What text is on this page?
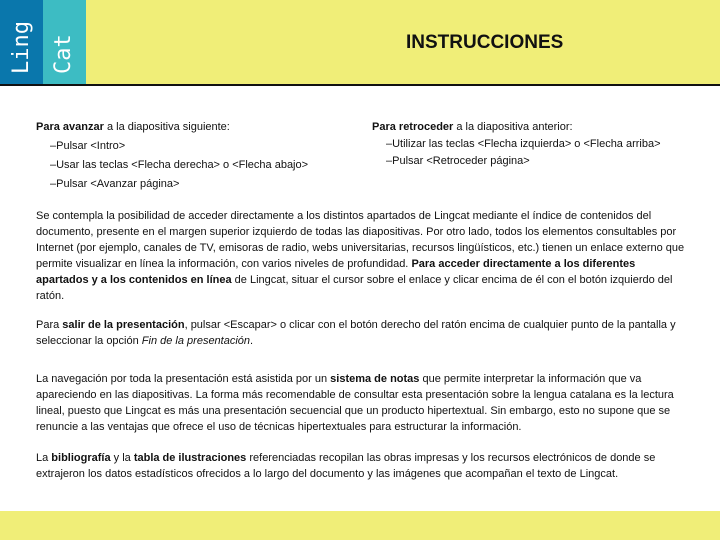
Ling Cat	INSTRUCCIONES
Para avanzar a la diapositiva siguiente:
–Pulsar <Intro>
–Usar las teclas <Flecha derecha> o <Flecha abajo>
–Pulsar <Avanzar página>
Para retroceder a la diapositiva anterior:
–Utilizar las teclas <Flecha izquierda> o <Flecha arriba>
–Pulsar <Retroceder página>
Se contempla la posibilidad de acceder directamente a los distintos apartados de Lingcat mediante el índice de contenidos del documento, presente en el margen superior izquierdo de todas las diapositivas. Por otro lado, todos los elementos consultables por Internet (por ejemplo, canales de TV, emisoras de radio, webs universitarias, recursos lingüísticos, etc.) tienen un enlace externo que permite visualizar en línea la información, con varios niveles de profundidad. Para acceder directamente a los diferentes apartados y a los contenidos en línea de Lingcat, situar el cursor sobre el enlace y clicar encima de él con el botón izquierdo del ratón.
Para salir de la presentación, pulsar <Escapar> o clicar con el botón derecho del ratón encima de cualquier punto de la pantalla y seleccionar la opción Fin de la presentación.
La navegación por toda la presentación está asistida por un sistema de notas que permite interpretar la información que va apareciendo en las diapositivas. La forma más recomendable de consultar esta presentación sobre la lengua catalana es la lectura lineal, puesto que Lingcat es más una presentación secuencial que un producto hipertextual. Sin embargo, esto no supone que se renuncie a las ventajas que ofrece el uso de técnicas hipertextuales para estructurar la información.
La bibliografía y la tabla de ilustraciones referenciadas recopilan las obras impresas y los recursos electrónicos de donde se extrajeron los datos estadísticos ofrecidos a lo largo del documento y las imágenes que acompañan el texto de Lingcat.
